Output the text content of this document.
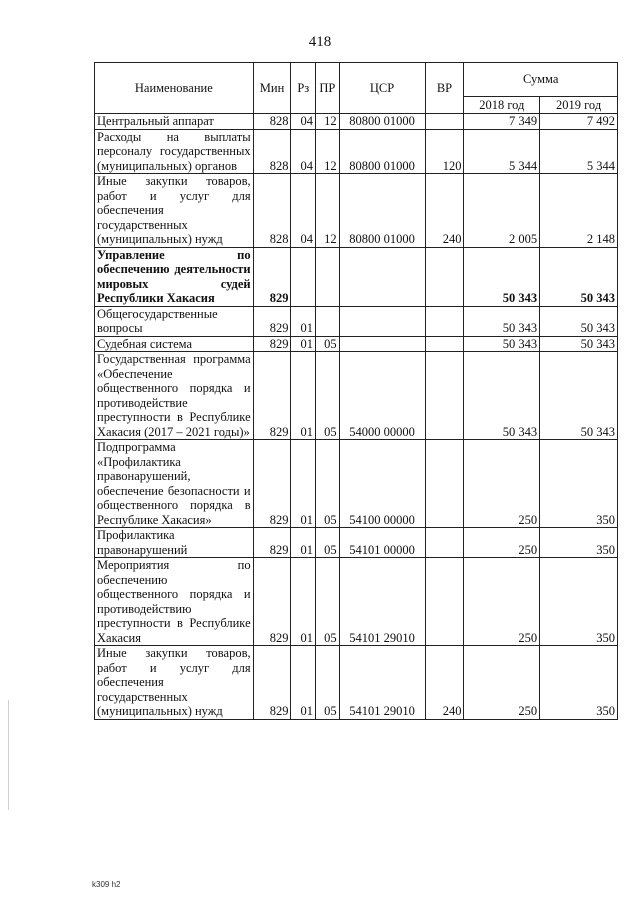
418
Наименование	Мин	Рз	ПР	ЦСР	ВР	Сумма	
						2018 год	2019 год
Центральный аппарат	828	04	12	80800 01000		7 349	7 492
Расходы на выплаты персоналу государственных (муниципальных) органов	828	04	12	80800 01000	120	5 344	5 344
Иные закупки товаров, работ и услуг для обеспечения государственных (муниципальных) нужд	828	04	12	80800 01000	240	2 005	2 148
Управление по обеспечению деятельности мировых судей Республики Хакасия	829					50 343	50 343
Общегосударственные вопросы	829	01				50 343	50 343
Судебная система	829	01	05			50 343	50 343
Государственная программа «Обеспечение общественного порядка и противодействие преступности в Республике Хакасия (2017 – 2021 годы)»	829	01	05	54000 00000		50 343	50 343
Подпрограмма «Профилактика правонарушений, обеспечение безопасности и общественного порядка в Республике Хакасия»	829	01	05	54100 00000		250	350
Профилактика правонарушений	829	01	05	54101 00000		250	350
Мероприятия по обеспечению общественного порядка и противодействию преступности в Республике Хакасия	829	01	05	54101 29010		250	350
Иные закупки товаров, работ и услуг для обеспечения государственных (муниципальных) нужд	829	01	05	54101 29010	240	250	350
k309 h2
